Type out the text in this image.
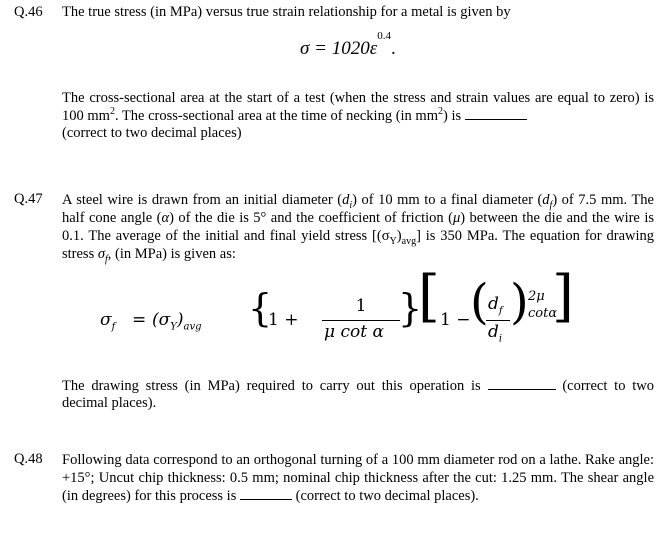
Q.46 The true stress (in MPa) versus true strain relationship for a metal is given by
$\sigma = 1020\varepsilon^{0.4}$.
The cross-sectional area at the start of a test (when the stress and strain values are equal to zero) is 100 $mm^2$. The cross-sectional area at the time of necking (in $mm^2$) is
(correct to two decimal places)
Q.47 A steel wire is drawn from an initial diameter $(d_i)$ of 10 mm to a final diameter $(d_f)$ of 7.5 mm. The half cone angle (α) of the die is 5° and the coefficient of friction (μ) between the die and the wire is 0.1. The average of the initial and final yield stress $[(\sigma_Y)_{avg}]$ is 350 MPa. The equation for drawing stress $\sigma_f$, (in MPa) is given as:
$\sigma_f = (\sigma_Y)_{avg}$ {
1 +
1
μ cot α
}
[ 1 − ( $d_f$
$d_i$
) 2μ cotα
]
The drawing stress (in MPa) required to carry out this operation is	(correct to two decimal places).
Q.48 Following data correspond to an orthogonal turning of a 100 mm diameter rod on a lathe. Rake angle: +15°; Uncut chip thickness: 0.5 mm; nominal chip thickness after the cut: 1.25 mm. The shear angle (in degrees) for this process is	(correct to two decimal places).
